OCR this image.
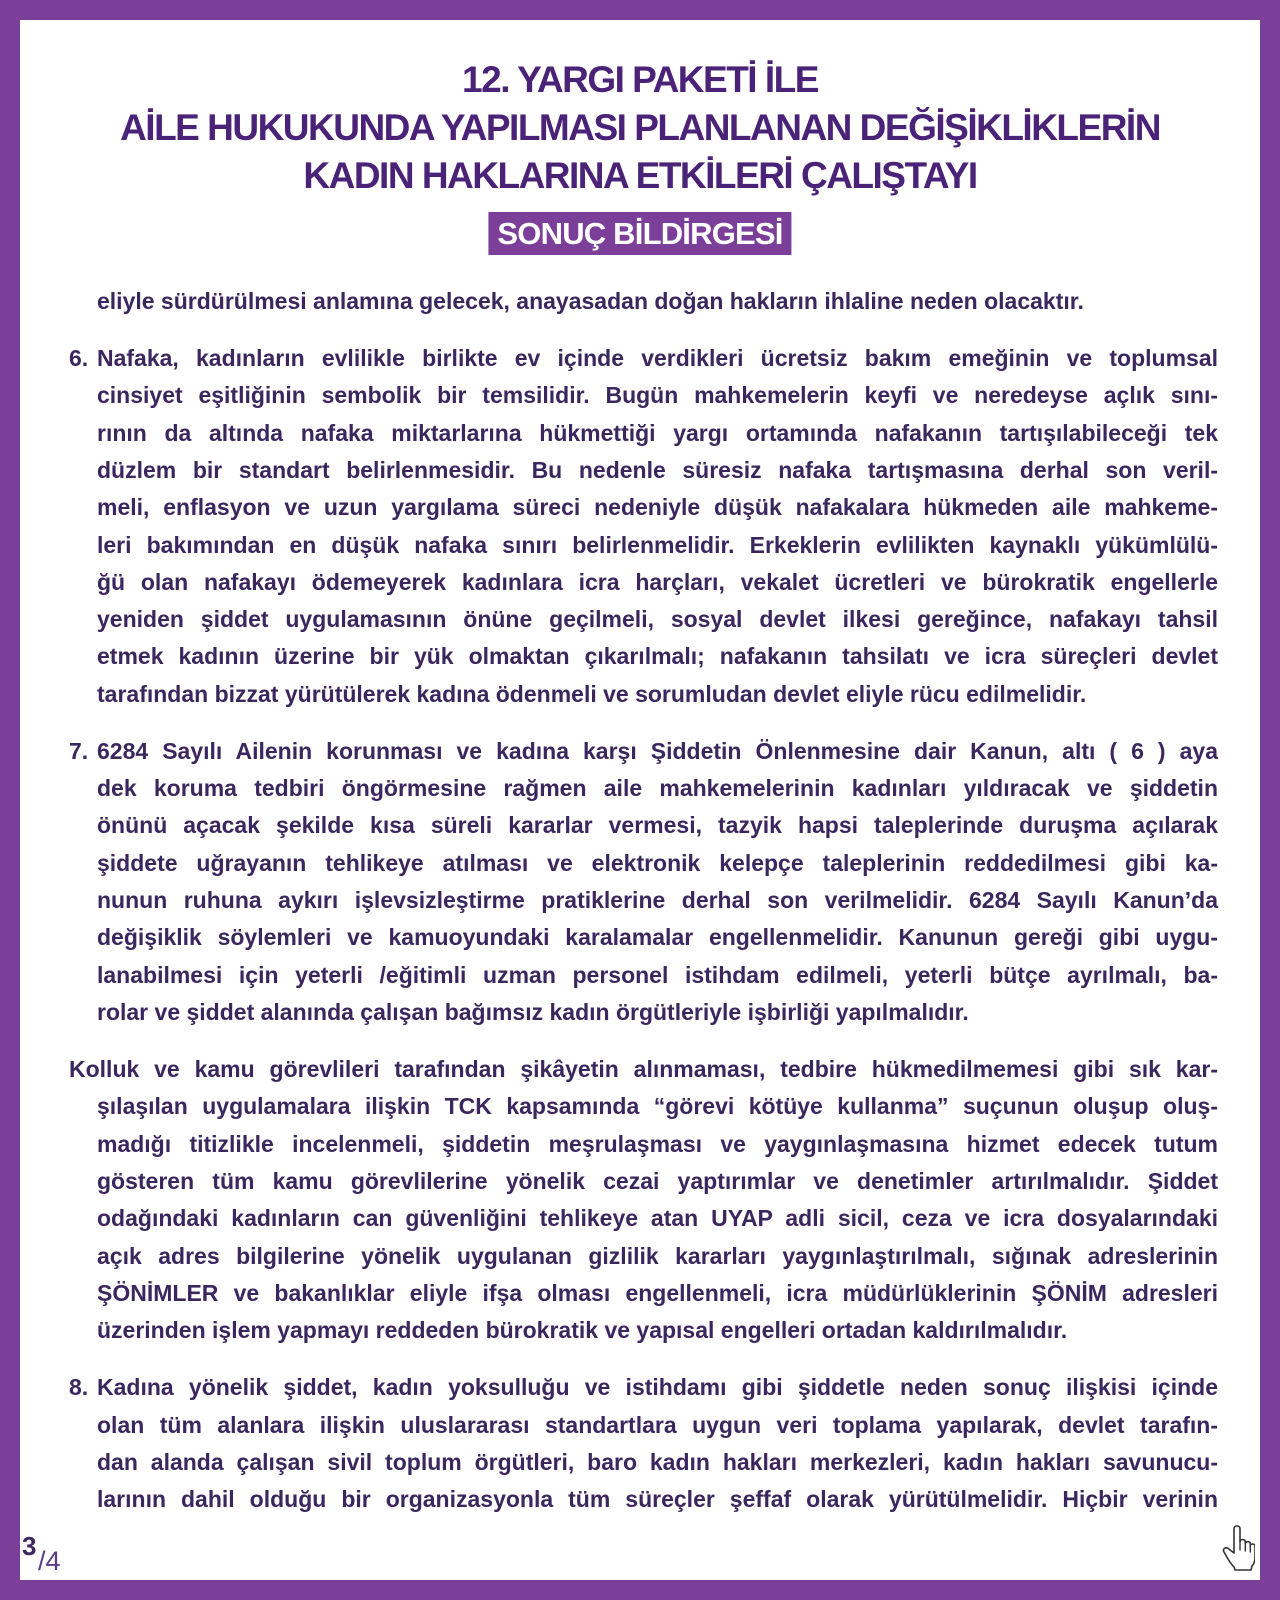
12. YARGI PAKETİ İLE
AİLE HUKUKUNDA YAPILMASI PLANLANAN DEĞİŞİKLİKLERİN
KADIN HAKLARINA ETKİLERİ ÇALIŞTAYI
SONUÇ BİLDİRGESİ
eliyle sürdürülmesi anlamına gelecek, anayasadan doğan hakların ihlaline neden olacaktır.
6. Nafaka, kadınların evlilikle birlikte ev içinde verdikleri ücretsiz bakım emeğinin ve toplumsal
cinsiyet eşitliğinin sembolik bir temsilidir. Bugün mahkemelerin keyfi ve neredeyse açlık sını-
rının da altında nafaka miktarlarına hükmettiği yargı ortamında nafakanın tartışılabileceği tek
düzlem bir standart belirlenmesidir. Bu nedenle süresiz nafaka tartışmasına derhal son veril-
meli, enflasyon ve uzun yargılama süreci nedeniyle düşük nafakalara hükmeden aile mahkeme-
leri bakımından en düşük nafaka sınırı belirlenmelidir. Erkeklerin evlilikten kaynaklı yükümlülü-
ğü olan nafakayı ödemeyerek kadınlara icra harçları, vekalet ücretleri ve bürokratik engellerle
yeniden şiddet uygulamasının önüne geçilmeli, sosyal devlet ilkesi gereğince, nafakayı tahsil
etmek kadının üzerine bir yük olmaktan çıkarılmalı; nafakanın tahsilatı ve icra süreçleri devlet
tarafından bizzat yürütülerek kadına ödenmeli ve sorumludan devlet eliyle rücu edilmelidir.
7. 6284 Sayılı Ailenin korunması ve kadına karşı Şiddetin Önlenmesine dair Kanun, altı ( 6 ) aya
dek koruma tedbiri öngörmesine rağmen aile mahkemelerinin kadınları yıldıracak ve şiddetin
önünü açacak şekilde kısa süreli kararlar vermesi, tazyik hapsi taleplerinde duruşma açılarak
şiddete uğrayanın tehlikeye atılması ve elektronik kelepçe taleplerinin reddedilmesi gibi ka-
nunun ruhuna aykırı işlevsizleştirme pratiklerine derhal son verilmelidir. 6284 Sayılı Kanun’da
değişiklik söylemleri ve kamuoyundaki karalamalar engellenmelidir. Kanunun gereği gibi uygu-
lanabilmesi için yeterli /eğitimli uzman personel istihdam edilmeli, yeterli bütçe ayrılmalı, ba-
rolar ve şiddet alanında çalışan bağımsız kadın örgütleriyle işbirliği yapılmalıdır.
Kolluk ve kamu görevlileri tarafından şikâyetin alınmaması, tedbire hükmedilmemesi gibi sık kar-
şılaşılan uygulamalara ilişkin TCK kapsamında “görevi kötüye kullanma” suçunun oluşup oluş-
madığı titizlikle incelenmeli, şiddetin meşrulaşması ve yaygınlaşmasına hizmet edecek tutum
gösteren tüm kamu görevlilerine yönelik cezai yaptırımlar ve denetimler artırılmalıdır. Şiddet
odağındaki kadınların can güvenliğini tehlikeye atan UYAP adli sicil, ceza ve icra dosyalarındaki
açık adres bilgilerine yönelik uygulanan gizlilik kararları yaygınlaştırılmalı, sığınak adreslerinin
ŞÖNİMLER ve bakanlıklar eliyle ifşa olması engellenmeli, icra müdürlüklerinin ŞÖNİM adresleri
üzerinden işlem yapmayı reddeden bürokratik ve yapısal engelleri ortadan kaldırılmalıdır.
8. Kadına yönelik şiddet, kadın yoksulluğu ve istihdamı gibi şiddetle neden sonuç ilişkisi içinde
olan tüm alanlara ilişkin uluslararası standartlara uygun veri toplama yapılarak, devlet tarafın-
dan alanda çalışan sivil toplum örgütleri, baro kadın hakları merkezleri, kadın hakları savunucu-
larının dahil olduğu bir organizasyonla tüm süreçler şeffaf olarak yürütülmelidir. Hiçbir verinin
3 /4
